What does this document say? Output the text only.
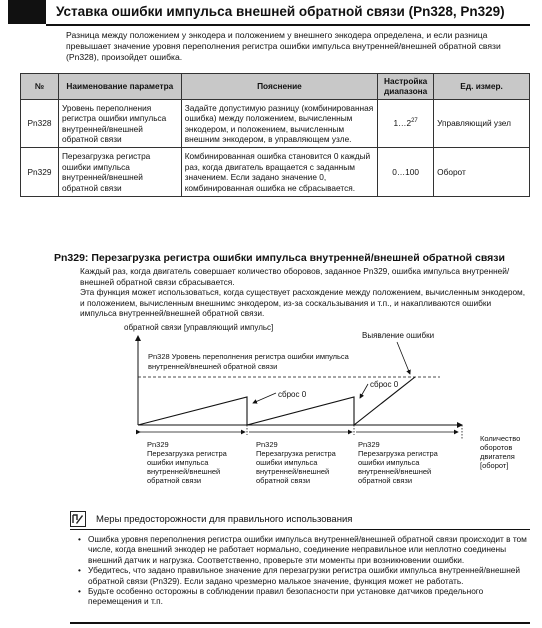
Уставка ошибки импульса внешней обратной связи (Pn328, Pn329)
Разница между положением у энкодера и положением у внешнего энкодера определена, и если разница превышает значение уровня переполнения регистра ошибки импульса внутренней/внешней обратной связи (Pn328), произойдет ошибка.
№	Наименование параметра	Пояснение	Настройка диапазона	Ед. измер.
Pn328	Уровень переполнения регистра ошибки импульса внутренней/внешней обратной связи	Задайте допустимую разницу (комбинированная ошибка) между положением, вычисленным энкодером, и положением, вычисленным внешним энкодером, в управляющем узле.	$1\dots 2^{27}$	Управляющий узел
Pn329	Перезагрузка регистра ошибки импульса внутренней/внешней обратной связи	Комбинированная ошибка становится 0 каждый раз, когда двигатель вращается с заданным значением. Если задано значение 0, комбинированная ошибка не сбрасывается.	0…100	Оборот
Pn329: Перезагрузка регистра ошибки импульса внутренней/внешней обратной связи

Каждый раз, когда двигатель совершает количество оборовов, заданное Pn329, ошибка импульса внутренней/внешней обратной связи сбрасывается.

Эта функция может использоваться, когда существует расхождение между положением, вычисленным энкодером, и положением, вычисленным внешнимс энкодером, из-за соскальзывания и т.п., и накапливаются ошибки импульса внутренней/внешней обратной связи.

обратной связи [управляющий импульс]
Выявление ошибки
Pn328 Уровень переполнения регистра ошибки импульса
внутренней/внешней обратной связи
сброс 0
сброс 0
Pn329
Перезагрузка регистра
ошибки импульса
внутренней/внешней
обратной связи
Pn329
Перезагрузка регистра
ошибки импульса
внутренней/внешней
обратной связи
Pn329
Перезагрузка регистра
ошибки импульса
внутренней/внешней
обратной связи
Количество
оборотов
двигателя
[оборот]
Меры предосторожности для правильного использования
• Ошибка уровня переполнения регистра ошибки импульса внутренней/внешней обратной связи происходит в том числе, когда внешний энкодер не работает нормально, соединение неправильное или неплотно соединены внешний датчик и нагрузка. Соответственно, проверьте эти моменты при возникновении ошибки.
• Убедитесь, что задано правильное значение для перезагрузки регистра ошибки импульса внутренней/внешней обратной связи (Pn329). Если задано чрезмерно малькое значение, функция может не работать.
• Будьте особенно осторожны в соблюдении правил безопасности при установке датчиков предельного перемещения и т.п.
